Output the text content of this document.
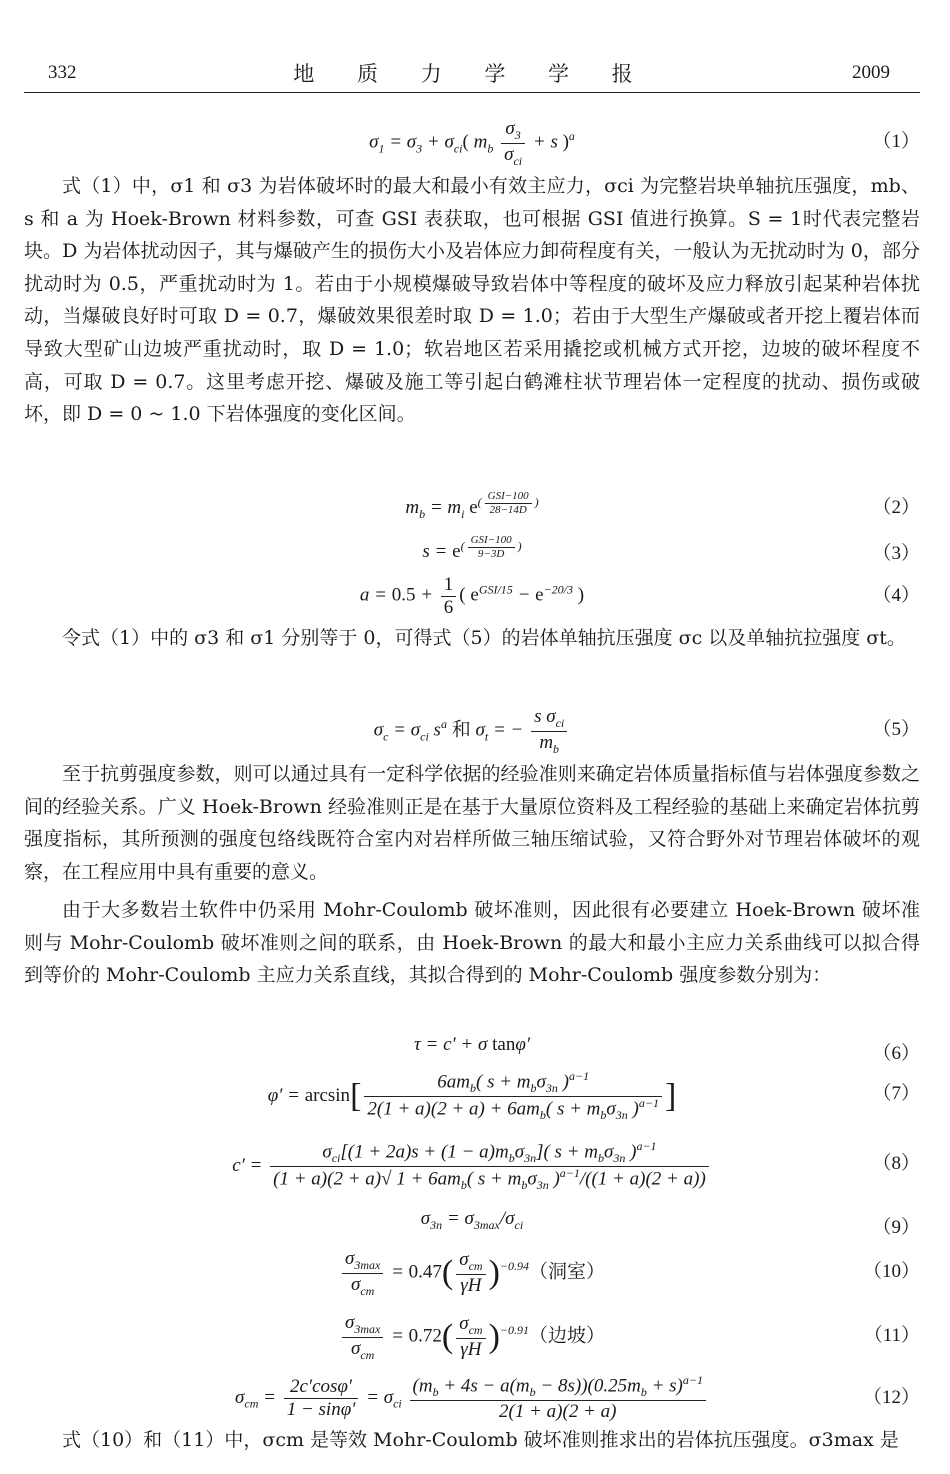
332	地 质 力 学 学 报	2009
$\sigma_1 = \sigma_3 + \sigma_{ci}$( $m_b \frac{\sigma_3}{\sigma_{ci}} + s$ )$^a$	（1）

式（1）中，σ1 和 σ3 为岩体破坏时的最大和最小有效主应力，σci 为完整岩块单轴抗压强度，mb、s 和 a 为 Hoek-Brown 材料参数，可查 GSI 表获取，也可根据 GSI 值进行换算。S = 1时代表完整岩块。D 为岩体扰动因子，其与爆破产生的损伤大小及岩体应力卸荷程度有关，一般认为无扰动时为 0，部分扰动时为 0.5，严重扰动时为 1。若由于小规模爆破导致岩体中等程度的破坏及应力释放引起某种岩体扰动，当爆破良好时可取 D = 0.7，爆破效果很差时取 D = 1.0；若由于大型生产爆破或者开挖上覆岩体而导致大型矿山边坡严重扰动时，取 D = 1.0；软岩地区若采用撬挖或机械方式开挖，边坡的破坏程度不高，可取 D = 0.7。这里考虑开挖、爆破及施工等引起白鹤滩柱状节理岩体一定程度的扰动、损伤或破坏，即 D = 0 ~ 1.0 下岩体强度的变化区间。

$m_b = m_i$ $e^{( \frac{\text{GSI−100}}{28-14D} )}$	（2）
$s = e^{( \frac{\text{GSI−100}}{9-3D} )}$	（3）
$a = 0.5 + \frac{1}{6}$ ( $e^{GSI/15} - e^{-20/3}$ )	（4）

令式（1）中的 σ3 和 σ1 分别等于 0，可得式（5）的岩体单轴抗压强度 σc 以及单轴抗拉强度 σt。

$\sigma_c = \sigma_{ci}$ $s^a$ 和 $\sigma_t$ = − $\frac{s \sigma_{ci}}{m_b}$	（5）

至于抗剪强度参数，则可以通过具有一定科学依据的经验准则来确定岩体质量指标值与岩体强度参数之间的经验关系。广义 Hoek-Brown 经验准则正是在基于大量原位资料及工程经验的基础上来确定岩体抗剪强度指标，其所预测的强度包络线既符合室内对岩样所做三轴压缩试验，又符合野外对节理岩体破坏的观察，在工程应用中具有重要的意义。

由于大多数岩土软件中仍采用 Mohr-Coulomb 破坏准则，因此很有必要建立 Hoek-Brown 破坏准则与 Mohr-Coulomb 破坏准则之间的联系，由 Hoek-Brown 的最大和最小主应力关系曲线可以拟合得到等价的 Mohr-Coulomb 主应力关系直线，其拟合得到的 Mohr-Coulomb 强度参数分别为：

τ = c′ + σ tanφ′	（6）
$\varphi' = \arcsin[ \frac{6am_b( s + m_b\sigma_{3n} )^{a-1}}{2(1 + a)(2 + a) + 6am_b( s + m_b\sigma_{3n} )^{a-1}}$ ]	（7）
$c' = \frac{\sigma_{ci}[(1 + 2a)s + (1 - a)m_b\sigma_{3n}]( s + m_b\sigma_{3n} )^{a-1}}{(1 + a)(2 + a)√ 1 + 6am_b( s + m_b\sigma_{3n} )^{a-1}/((1 + a)(2 + a))}$	（8）
$\sigma_{3n} = \sigma_{3max}/\sigma_{ci}$	（9）
$\frac{\sigma_{3max}}{\sigma_{cm}} = 0.47( \frac{\sigma_{cm}}{\gamma H} )^{-0.94}$（洞室）	（10）
$\frac{\sigma_{3max}}{\sigma_{cm}} = 0.72( \frac{\sigma_{cm}}{\gamma H} )^{-0.91}$（边坡）	（11）
$\sigma_{cm} = \frac{2c'\cos\varphi'}{1 - \sin\varphi'} = \sigma_{ci} \frac{(m_b + 4s - a(m_b - 8s))(0.25m_b + s)^{a-1}}{2(1 + a)(2 + a)}$	（12）

式（10）和（11）中，σcm 是等效 Mohr-Coulomb 破坏准则推求出的岩体抗压强度。σ3max 是
